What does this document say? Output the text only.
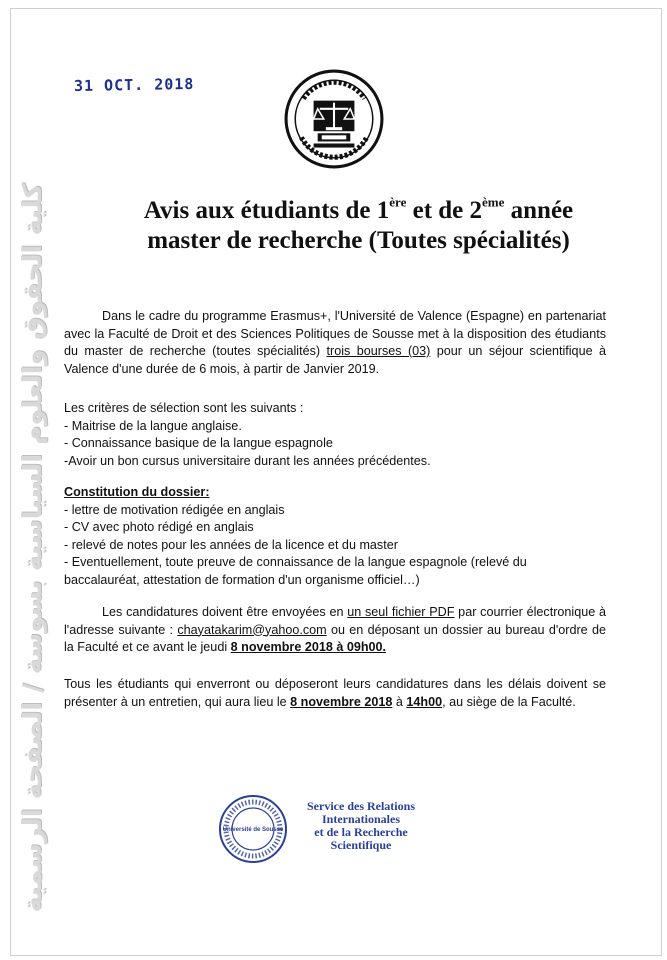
31 OCT. 2018
كلية الحقوق والعلوم السياسية بسوسة / الصفحة الرسمية	Avis aux étudiants de 1ère et de 2ème année
master de recherche (Toutes spécialités)

Dans le cadre du programme Erasmus+, l'Université de Valence (Espagne) en partenariat avec la Faculté de Droit et des Sciences Politiques de Sousse met à la disposition des étudiants du master de recherche (toutes spécialités) trois bourses (03) pour un séjour scientifique à Valence d'une durée de 6 mois, à partir de Janvier 2019.

Les critères de sélection sont les suivants :
- Maitrise de la langue anglaise.
- Connaissance basique de la langue espagnole
-Avoir un bon cursus universitaire durant les années précédentes.
Constitution du dossier:
- lettre de motivation rédigée en anglais
- CV avec photo rédigé en anglais
- relevé de notes pour les années de la licence et du master
- Eventuellement, toute preuve de connaissance de la langue espagnole (relevé du
baccalauréat, attestation de formation d'un organisme officiel…)

Les candidatures doivent être envoyées en un seul fichier PDF par courrier électronique à l'adresse suivante : chayatakarim@yahoo.com ou en déposant un dossier au bureau d'ordre de la Faculté et ce avant le jeudi 8 novembre 2018 à 09h00.

Tous les étudiants qui enverront ou déposeront leurs candidatures dans les délais doivent se présenter à un entretien, qui aura lieu le 8 novembre 2018 à 14h00, au siège de la Faculté.

Université de Sousse
Service des Relations
Internationales
et de la Recherche
Scientifique
